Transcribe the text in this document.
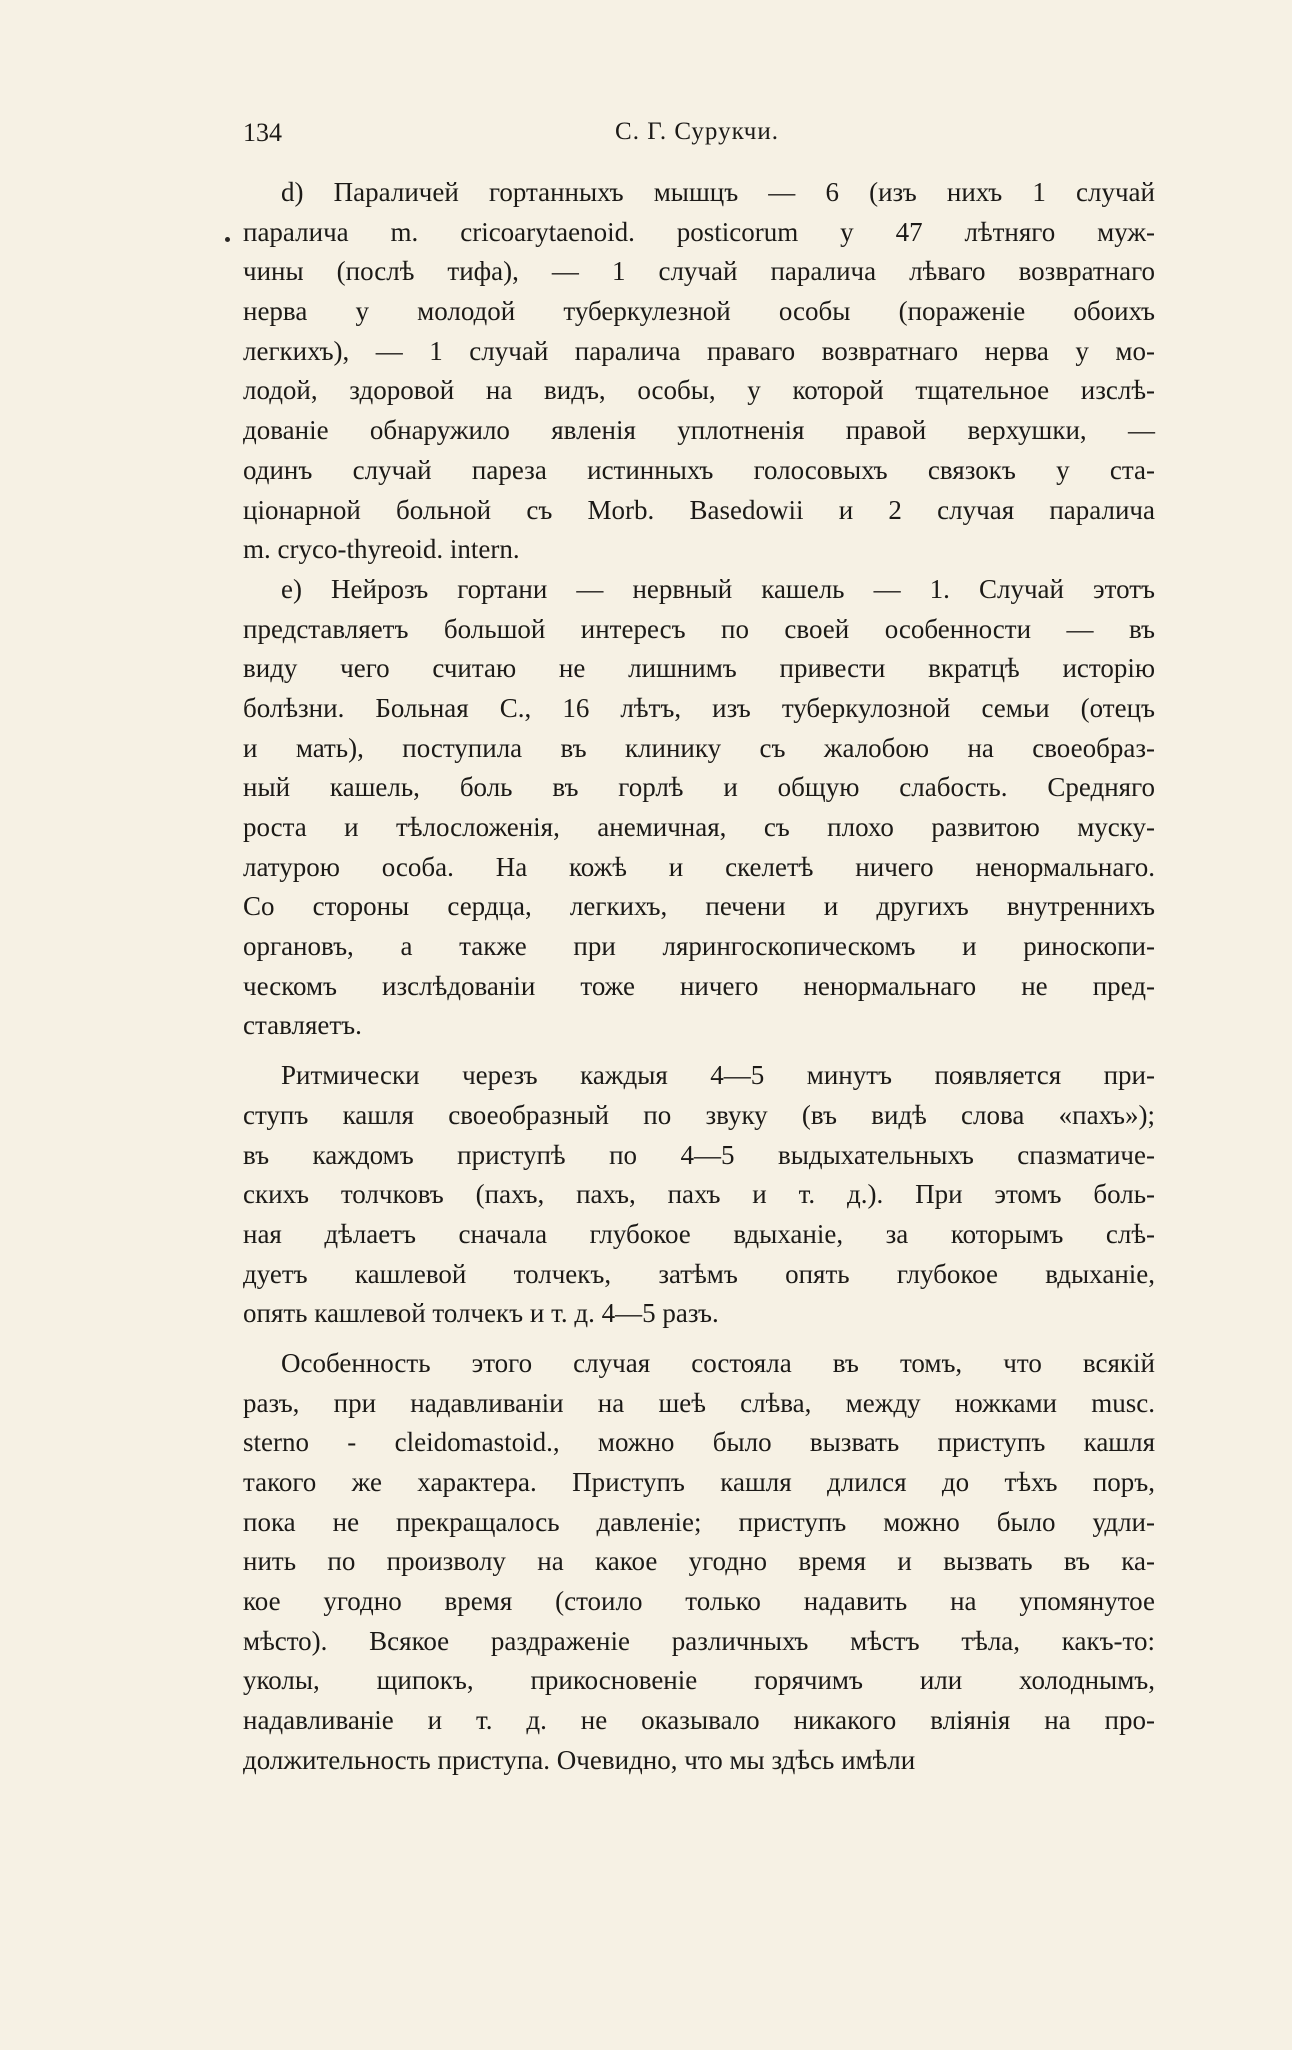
134	С. Г. Сурукчи.
d) Параличей гортанныхъ мышцъ — 6 (изъ нихъ 1 случай
паралича m. cricoarytaenoid. posticorum у 47 лѣтняго муж-
чины (послѣ тифа), — 1 случай паралича лѣваго возвратнаго
нерва у молодой туберкулезной особы (пораженіе обоихъ
легкихъ), — 1 случай паралича праваго возвратнаго нерва у мо-
лодой, здоровой на видъ, особы, у которой тщательное изслѣ-
дованіе обнаружило явленія уплотненія правой верхушки, —
одинъ случай пареза истинныхъ голосовыхъ связокъ у ста-
ціонарной больной съ Morb. Basedowii и 2 случая паралича
m. cryco-thyreoid. intern.
e) Нейрозъ гортани — нервный кашель — 1. Случай этотъ
представляетъ большой интересъ по своей особенности — въ
виду чего считаю не лишнимъ привести вкратцѣ исторію
болѣзни. Больная С., 16 лѣтъ, изъ туберкулозной семьи (отецъ
и мать), поступила въ клинику съ жалобою на своеобраз-
ный кашель, боль въ горлѣ и общую слабость. Средняго
роста и тѣлосложенія, анемичная, съ плохо развитою муску-
латурою особа. На кожѣ и скелетѣ ничего ненормальнаго.
Со стороны сердца, легкихъ, печени и другихъ внутреннихъ
органовъ, а также при лярингоскопическомъ и риноскопи-
ческомъ изслѣдованіи тоже ничего ненормальнаго не пред-
ставляетъ.
Ритмически черезъ каждыя 4—5 минутъ появляется при-
ступъ кашля своеобразный по звуку (въ видѣ слова «пахъ»);
въ каждомъ приступѣ по 4—5 выдыхательныхъ спазматиче-
скихъ толчковъ (пахъ, пахъ, пахъ и т. д.). При этомъ боль-
ная дѣлаетъ сначала глубокое вдыханіе, за которымъ слѣ-
дуетъ кашлевой толчекъ, затѣмъ опять глубокое вдыханіе,
опять кашлевой толчекъ и т. д. 4—5 разъ.
Особенность этого случая состояла въ томъ, что всякій
разъ, при надавливаніи на шеѣ слѣва, между ножками musc.
sterno - cleidomastoid., можно было вызвать приступъ кашля
такого же характера. Приступъ кашля длился до тѣхъ поръ,
пока не прекращалось давленіе; приступъ можно было удли-
нить по произволу на какое угодно время и вызвать въ ка-
кое угодно время (стоило только надавить на упомянутое
мѣсто). Всякое раздраженіе различныхъ мѣстъ тѣла, какъ-то:
уколы, щипокъ, прикосновеніе горячимъ или холоднымъ,
надавливаніе и т. д. не оказывало никакого вліянія на про-
должительность приступа. Очевидно, что мы здѣсь имѣли
